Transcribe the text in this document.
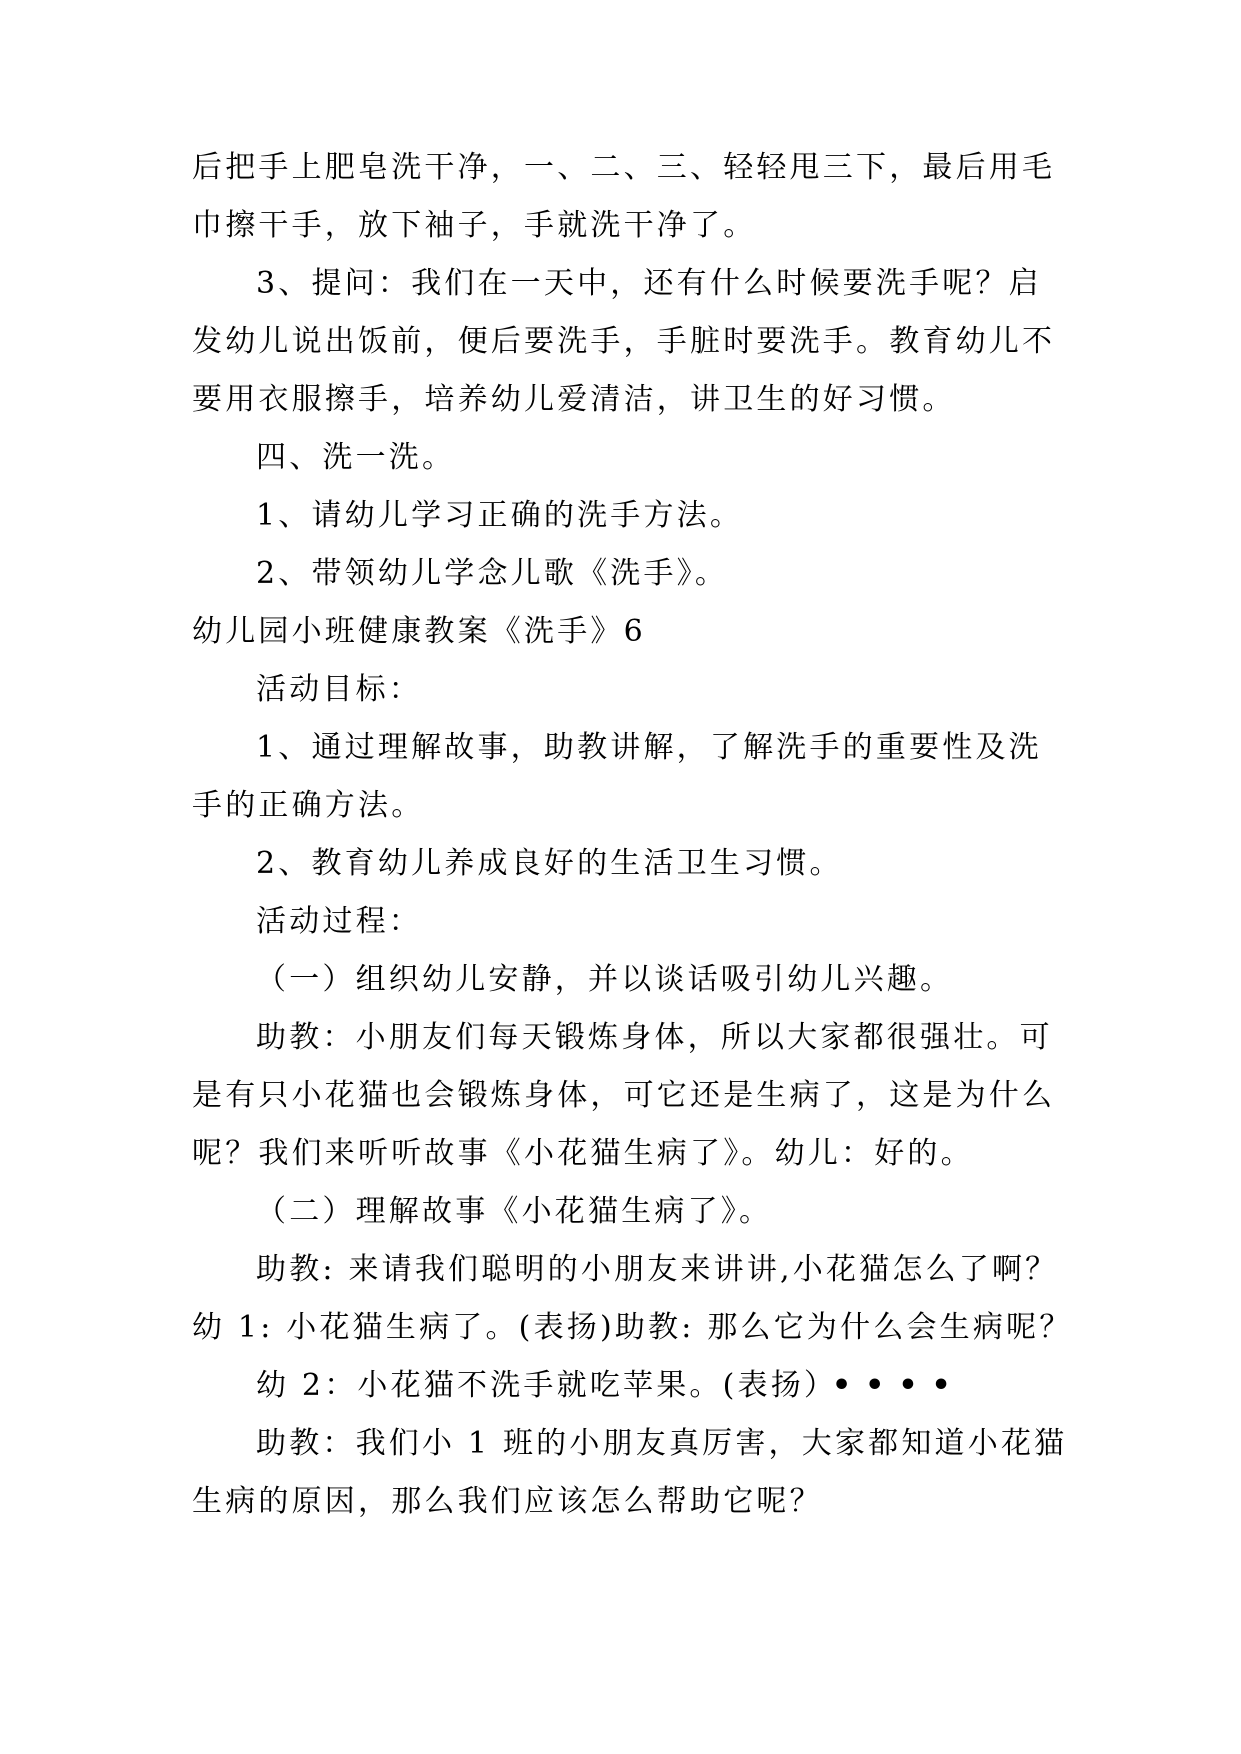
后把手上肥皂洗干净，一、二、三、轻轻甩三下，最后用毛

巾擦干手，放下袖子，手就洗干净了。

3、提问：我们在一天中，还有什么时候要洗手呢？启

发幼儿说出饭前，便后要洗手，手脏时要洗手。教育幼儿不

要用衣服擦手，培养幼儿爱清洁，讲卫生的好习惯。

四、洗一洗。

1、请幼儿学习正确的洗手方法。

2、带领幼儿学念儿歌《洗手》。

幼儿园小班健康教案《洗手》6

活动目标：

1、通过理解故事，助教讲解，了解洗手的重要性及洗

手的正确方法。

2、教育幼儿养成良好的生活卫生习惯。

活动过程：

（一）组织幼儿安静，并以谈话吸引幼儿兴趣。

助教：小朋友们每天锻炼身体，所以大家都很强壮。可

是有只小花猫也会锻炼身体，可它还是生病了，这是为什么

呢？我们来听听故事《小花猫生病了》。幼儿：好的。

（二）理解故事《小花猫生病了》。

助教: 来请我们聪明的小朋友来讲讲,小花猫怎么了啊？

幼 1: 小花猫生病了。(表扬)助教: 那么它为什么会生病呢？

幼 2：小花猫不洗手就吃苹果。(表扬）

••••

助教：我们小 1 班的小朋友真厉害，大家都知道小花猫

生病的原因，那么我们应该怎么帮助它呢？
